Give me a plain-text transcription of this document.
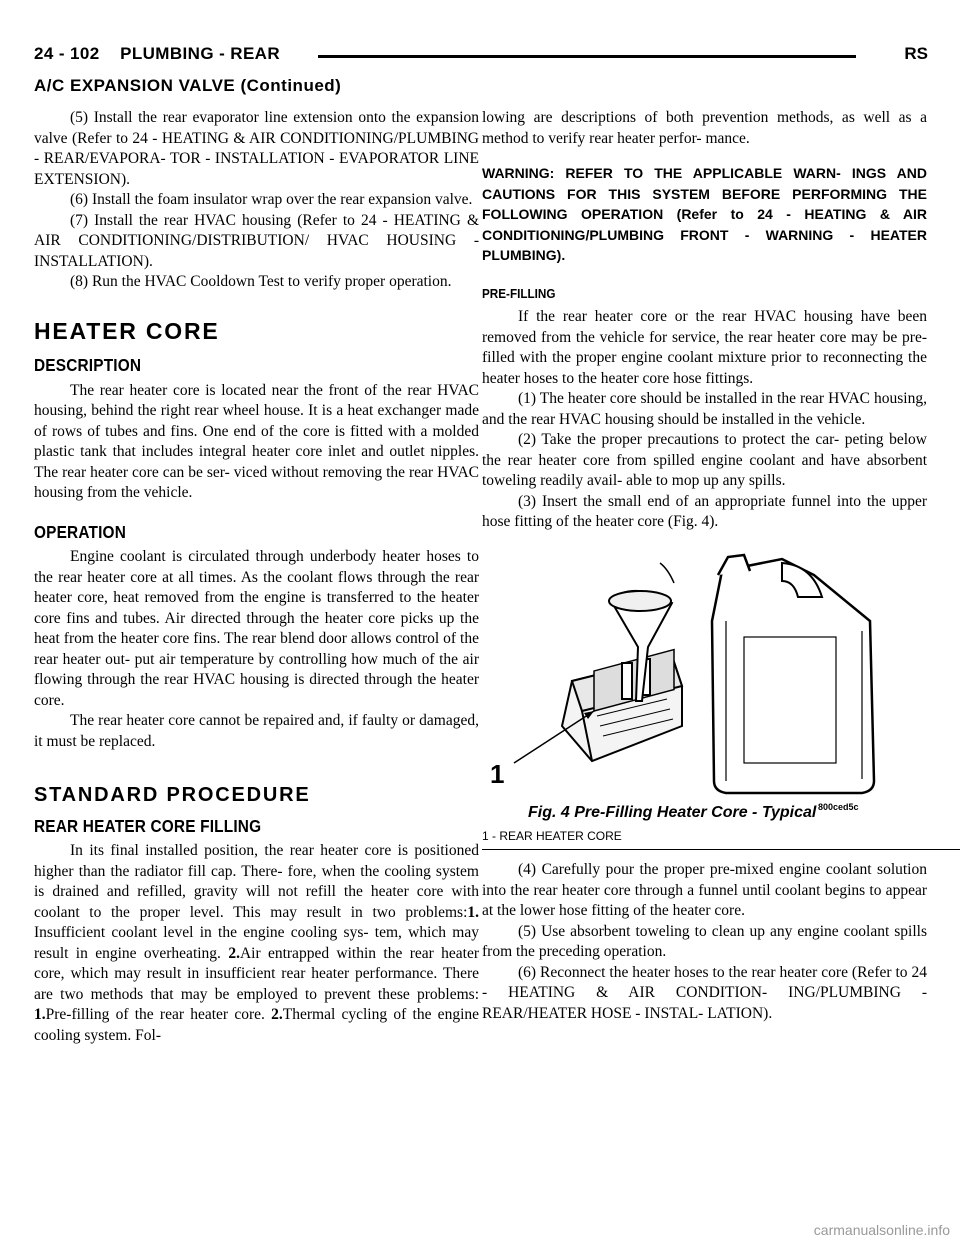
24 - 102 PLUMBING - REAR	RS
A/C EXPANSION VALVE (Continued)

(5) Install the rear evaporator line extension onto the expansion valve (Refer to 24 - HEATING & AIR CONDITIONING/PLUMBING - REAR/EVAPORA- TOR - INSTALLATION - EVAPORATOR LINE EXTENSION).

(6) Install the foam insulator wrap over the rear expansion valve.

(7) Install the rear HVAC housing (Refer to 24 - HEATING & AIR CONDITIONING/DISTRIBUTION/ HVAC HOUSING - INSTALLATION).

(8) Run the HVAC Cooldown Test to verify proper operation.

HEATER CORE
DESCRIPTION

The rear heater core is located near the front of the rear HVAC housing, behind the right rear wheel house. It is a heat exchanger made of rows of tubes and fins. One end of the core is fitted with a molded plastic tank that includes integral heater core inlet and outlet nipples. The rear heater core can be ser- viced without removing the rear HVAC housing from the vehicle.

OPERATION

Engine coolant is circulated through underbody heater hoses to the rear heater core at all times. As the coolant flows through the rear heater core, heat removed from the engine is transferred to the heater core fins and tubes. Air directed through the heater core picks up the heat from the heater core fins. The rear blend door allows control of the rear heater out- put air temperature by controlling how much of the air flowing through the rear HVAC housing is directed through the heater core.

The rear heater core cannot be repaired and, if faulty or damaged, it must be replaced.

STANDARD PROCEDURE
REAR HEATER CORE FILLING

In its final installed position, the rear heater core is positioned higher than the radiator fill cap. There- fore, when the cooling system is drained and refilled, gravity will not refill the heater core with coolant to the proper level. This may result in two problems:1. Insufficient coolant level in the engine cooling sys- tem, which may result in engine overheating. 2.Air entrapped within the rear heater core, which may result in insufficient rear heater performance. There are two methods that may be employed to prevent these problems: 1.Pre-filling of the rear heater core. 2.Thermal cycling of the engine cooling system. Fol-

lowing are descriptions of both prevention methods, as well as a method to verify rear heater perfor- mance.

WARNING: REFER TO THE APPLICABLE WARN- INGS AND CAUTIONS FOR THIS SYSTEM BEFORE PERFORMING THE FOLLOWING OPERATION (Refer to 24 - HEATING & AIR CONDITIONING/PLUMBING FRONT - WARNING - HEATER PLUMBING).

PRE-FILLING

If the rear heater core or the rear HVAC housing have been removed from the vehicle for service, the rear heater core may be pre-filled with the proper engine coolant mixture prior to reconnecting the heater hoses to the heater core hose fittings.

(1) The heater core should be installed in the rear HVAC housing, and the rear HVAC housing should be installed in the vehicle.

(2) Take the proper precautions to protect the car- peting below the rear heater core from spilled engine coolant and have absorbent toweling readily avail- able to mop up any spills.

(3) Insert the small end of an appropriate funnel into the upper hose fitting of the heater core (Fig. 4).

1
Fig. 4 Pre-Filling Heater Core - Typical 800ced5c

1 - REAR HEATER CORE

(4) Carefully pour the proper pre-mixed engine coolant solution into the rear heater core through a funnel until coolant begins to appear at the lower hose fitting of the heater core.

(5) Use absorbent toweling to clean up any engine coolant spills from the preceding operation.

(6) Reconnect the heater hoses to the rear heater core (Refer to 24 - HEATING & AIR CONDITION- ING/PLUMBING - REAR/HEATER HOSE - INSTAL- LATION).

carmanualsonline.info
